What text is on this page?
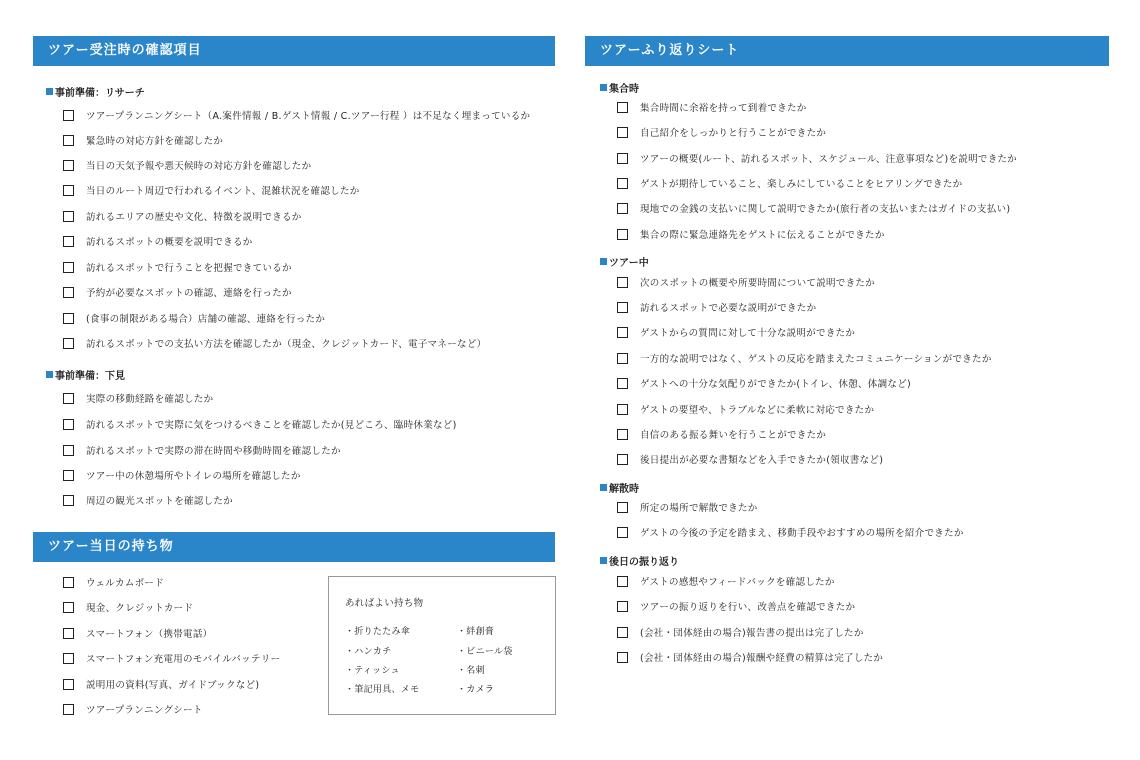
ツアー受注時の確認項目
事前準備：リサーチ
ツアープランニングシート（A.案件情報 / B.ゲスト情報 / C.ツアー行程 ）は不足なく埋まっているか
緊急時の対応方針を確認したか
当日の天気予報や悪天候時の対応方針を確認したか
当日のルート周辺で行われるイベント、混雑状況を確認したか
訪れるエリアの歴史や文化、特徴を説明できるか
訪れるスポットの概要を説明できるか
訪れるスポットで行うことを把握できているか
予約が必要なスポットの確認、連絡を行ったか
(食事の制限がある場合）店舗の確認、連絡を行ったか
訪れるスポットでの支払い方法を確認したか（現金、クレジットカード、電子マネーなど）
事前準備：下見
実際の移動経路を確認したか
訪れるスポットで実際に気をつけるべきことを確認したか(見どころ、臨時休業など)
訪れるスポットで実際の滞在時間や移動時間を確認したか
ツアー中の休憩場所やトイレの場所を確認したか
周辺の観光スポットを確認したか
ツアー当日の持ち物
ウェルカムボード
現金、クレジットカード
スマートフォン（携帯電話）
スマートフォン充電用のモバイルバッテリー
説明用の資料(写真、ガイドブックなど)
ツアープランニングシート
あればよい持ち物
・折りたたみ傘
・ハンカチ
・ティッシュ
・筆記用具、メモ
・絆創膏
・ビニール袋
・名刺
・カメラ
ツアーふり返りシート
集合時
集合時間に余裕を持って到着できたか
自己紹介をしっかりと行うことができたか
ツアーの概要(ルート、訪れるスポット、スケジュール、注意事項など)を説明できたか
ゲストが期待していること、楽しみにしていることをヒアリングできたか
現地での金銭の支払いに関して説明できたか(旅行者の支払いまたはガイドの支払い)
集合の際に緊急連絡先をゲストに伝えることができたか
ツアー中
次のスポットの概要や所要時間について説明できたか
訪れるスポットで必要な説明ができたか
ゲストからの質問に対して十分な説明ができたか
一方的な説明ではなく、ゲストの反応を踏まえたコミュニケーションができたか
ゲストへの十分な気配りができたか(トイレ、休憩、体調など)
ゲストの要望や、トラブルなどに柔軟に対応できたか
自信のある振る舞いを行うことができたか
後日提出が必要な書類などを入手できたか(領収書など)
解散時
所定の場所で解散できたか
ゲストの今後の予定を踏まえ、移動手段やおすすめの場所を紹介できたか
後日の振り返り
ゲストの感想やフィードバックを確認したか
ツアーの振り返りを行い、改善点を確認できたか
(会社・団体経由の場合)報告書の提出は完了したか
(会社・団体経由の場合)報酬や経費の精算は完了したか
